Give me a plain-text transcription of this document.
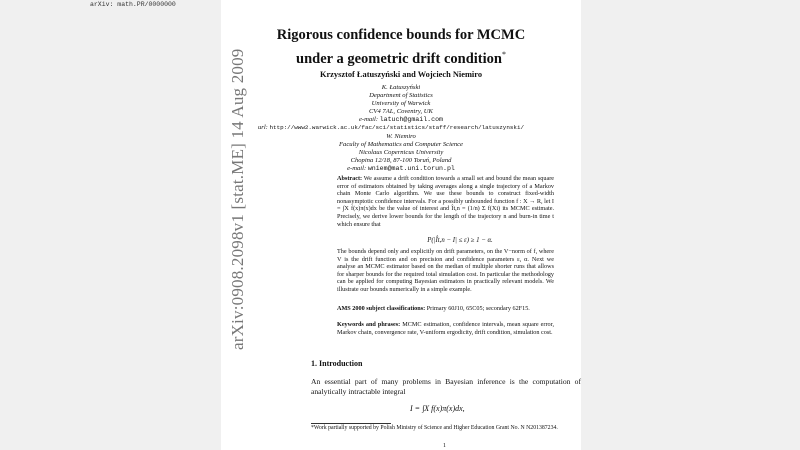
arXiv: math.PR/0000000
arXiv:0908.2098v1 [stat.ME] 14 Aug 2009
Rigorous confidence bounds for MCMC
under a geometric drift condition*
Krzysztof Łatuszyński and Wojciech Niemiro
K. Łatuszyński
Department of Statistics
University of Warwick
CV4 7AL, Coventry, UK
e-mail: latuch@gmail.com
url: http://www2.warwick.ac.uk/fac/sci/statistics/staff/research/latuszynski/
W. Niemiro
Faculty of Mathematics and Computer Science
Nicolaus Copernicus University
Chopina 12/18, 87-100 Toruń, Poland
e-mail: wniem@mat.uni.torun.pl

Abstract: We assume a drift condition towards a small set and bound the mean square error of estimators obtained by taking averages along a single trajectory of a Markov chain Monte Carlo algorithm. We use these bounds to construct fixed-width nonasymptotic confidence intervals. For a possibly unbounded function f : X → R, let I = ∫X f(x)π(x)dx be the value of interest and Ît,n = (1/n) Σ f(Xi) its MCMC estimate. Precisely, we derive lower bounds for the length of the trajectory n and burn-in time t which ensure that

P(|Ît,n − I| ≤ ε) ≥ 1 − α.

The bounds depend only and explicitly on drift parameters, on the V−norm of f, where V is the drift function and on precision and confidence parameters ε, α. Next we analyse an MCMC estimator based on the median of multiple shorter runs that allows for sharper bounds for the required total simulation cost. In particular the methodology can be applied for computing Bayesian estimators in practically relevant models. We illustrate our bounds numerically in a simple example.

AMS 2000 subject classifications: Primary 60J10, 65C05; secondary 62F15.
Keywords and phrases: MCMC estimation, confidence intervals, mean square error, Markov chain, convergence rate, V-uniform ergodicity, drift condition, simulation cost.
1. Introduction
An essential part of many problems in Bayesian inference is the computation of analytically intractable integral
I = ∫X f(x)π(x)dx,
*Work partially supported by Polish Ministry of Science and Higher Education Grant No. N N201387234.
1
